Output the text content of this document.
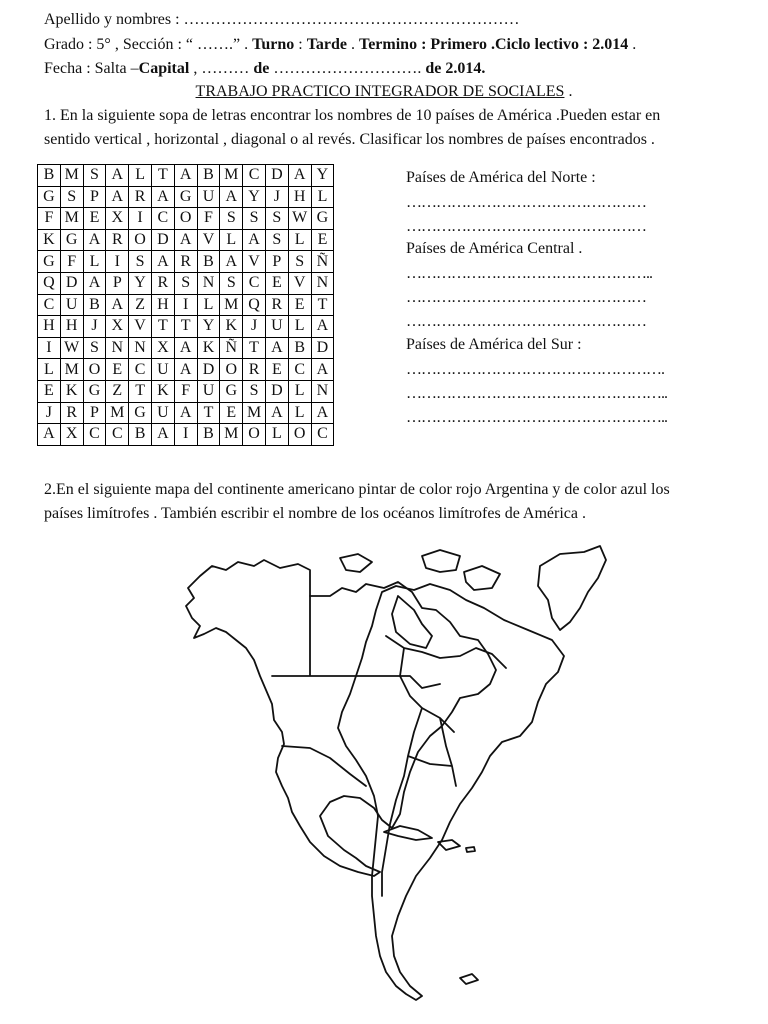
Apellido y nombres : ………………………………………………………
Grado : 5° , Sección : “ …….” . Turno : Tarde . Termino : Primero .Ciclo lectivo : 2.014 .
Fecha : Salta –Capital , ……… de ………………………. de 2.014.
TRABAJO PRACTICO INTEGRADOR DE SOCIALES .
1. En la siguiente sopa de letras encontrar los nombres de 10 países de América .Pueden estar en
sentido vertical , horizontal , diagonal o al revés. Clasificar los nombres de países encontrados .
B	M	S	A	L	T	A	B	M	C	D	A	Y
G	S	P	A	R	A	G	U	A	Y	J	H	L
F	M	E	X	I	C	O	F	S	S	S	W	G
K	G	A	R	O	D	A	V	L	A	S	L	E
G	F	L	I	S	A	R	B	A	V	P	S	Ñ
Q	D	A	P	Y	R	S	N	S	C	E	V	N
C	U	B	A	Z	H	I	L	M	Q	R	E	T
H	H	J	X	V	T	T	Y	K	J	U	L	A
I	W	S	N	N	X	A	K	Ñ	T	A	B	D
L	M	O	E	C	U	A	D	O	R	E	C	A
E	K	G	Z	T	K	F	U	G	S	D	L	N
J	R	P	M	G	U	A	T	E	M	A	L	A
A	X	C	C	B	A	I	B	M	O	L	O	C
Países de América del Norte :
…………………………………………
…………………………………………
Países de América Central .
…………………………………………..
…………………………………………
…………………………………………
Países de América del Sur :
…………………………………………….
……………………………………………..
……………………………………………..
2.En el siguiente mapa del continente americano pintar de color rojo Argentina y de color azul los
países limítrofes . También escribir el nombre de los océanos limítrofes de América .
